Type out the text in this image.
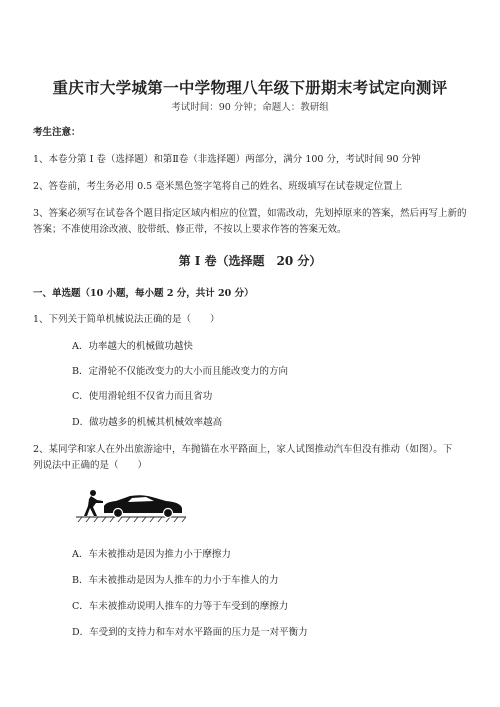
重庆市大学城第一中学物理八年级下册期末考试定向测评
考试时间：90 分钟；命题人：教研组
考生注意：
1、本卷分第 I 卷（选择题）和第Ⅱ卷（非选择题）两部分，满分 100 分，考试时间 90 分钟
2、答卷前，考生务必用 0.5 毫米黑色签字笔将自己的姓名、班级填写在试卷规定位置上
3、答案必须写在试卷各个题目指定区域内相应的位置，如需改动，先划掉原来的答案，然后再写上新的答案；不准使用涂改液、胶带纸、修正带，不按以上要求作答的答案无效。
第 I 卷（选择题　20 分）
一、单选题（10 小题，每小题 2 分，共计 20 分）
1、下列关于简单机械说法正确的是（　　）
A．功率越大的机械做功越快
B．定滑轮不仅能改变力的大小而且能改变力的方向
C．使用滑轮组不仅省力而且省功
D．做功越多的机械其机械效率越高
2、某同学和家人在外出旅游途中，车抛锚在水平路面上，家人试图推动汽车但没有推动（如图）。下
列说法中正确的是（　　）
A．车未被推动是因为推力小于摩擦力
B．车未被推动是因为人推车的力小于车推人的力
C．车未被推动说明人推车的力等于车受到的摩擦力
D．车受到的支持力和车对水平路面的压力是一对平衡力
